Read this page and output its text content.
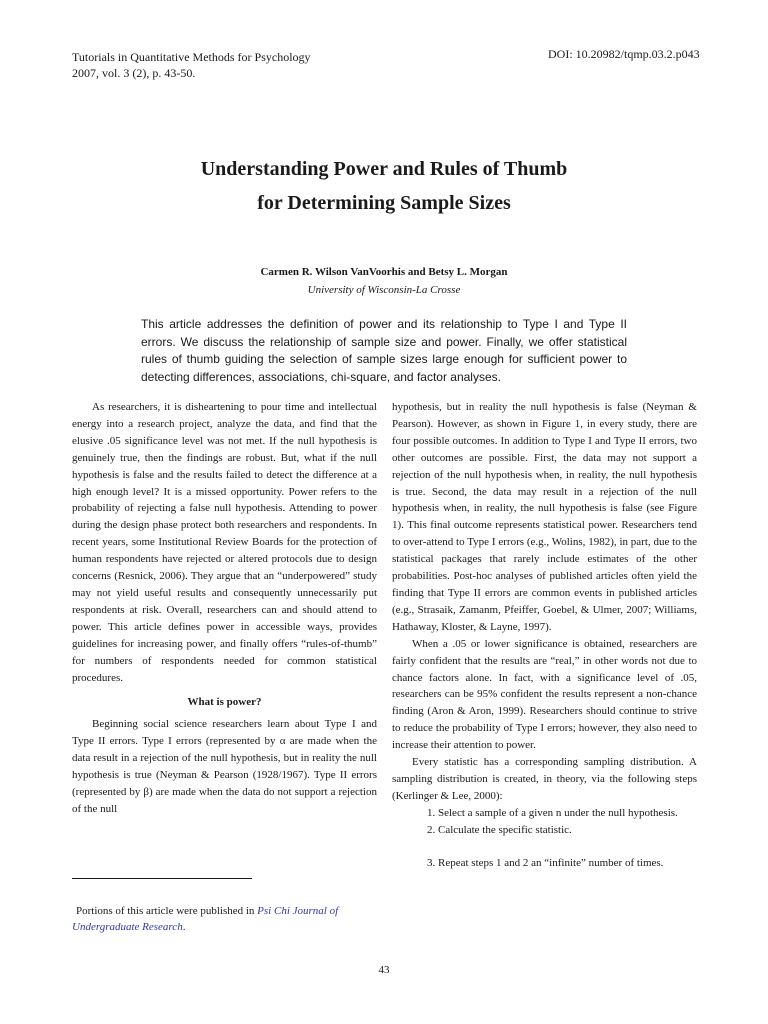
Tutorials in Quantitative Methods for Psychology
2007, vol. 3 (2), p. 43-50.
DOI: 10.20982/tqmp.03.2.p043
Understanding Power and Rules of Thumb
for Determining Sample Sizes
Carmen R. Wilson VanVoorhis and Betsy L. Morgan
University of Wisconsin-La Crosse
This article addresses the definition of power and its relationship to Type I and Type II errors. We discuss the relationship of sample size and power. Finally, we offer statistical rules of thumb guiding the selection of sample sizes large enough for sufficient power to detecting differences, associations, chi-square, and factor analyses.

As researchers, it is disheartening to pour time and intellectual energy into a research project, analyze the data, and find that the elusive .05 significance level was not met. If the null hypothesis is genuinely true, then the findings are robust. But, what if the null hypothesis is false and the results failed to detect the difference at a high enough level? It is a missed opportunity. Power refers to the probability of rejecting a false null hypothesis. Attending to power during the design phase protect both researchers and respondents. In recent years, some Institutional Review Boards for the protection of human respondents have rejected or altered protocols due to design concerns (Resnick, 2006). They argue that an “underpowered” study may not yield useful results and consequently unnecessarily put respondents at risk. Overall, researchers can and should attend to power. This article defines power in accessible ways, provides guidelines for increasing power, and finally offers “rules-of-thumb” for numbers of respondents needed for common statistical procedures.

What is power?

Beginning social science researchers learn about Type I and Type II errors. Type I errors (represented by α are made when the data result in a rejection of the null hypothesis, but in reality the null hypothesis is true (Neyman & Pearson (1928/1967). Type II errors (represented by β) are made when the data do not support a rejection of the null

hypothesis, but in reality the null hypothesis is false (Neyman & Pearson). However, as shown in Figure 1, in every study, there are four possible outcomes. In addition to Type I and Type II errors, two other outcomes are possible. First, the data may not support a rejection of the null hypothesis when, in reality, the null hypothesis is true. Second, the data may result in a rejection of the null hypothesis when, in reality, the null hypothesis is false (see Figure 1). This final outcome represents statistical power. Researchers tend to over-attend to Type I errors (e.g., Wolins, 1982), in part, due to the statistical packages that rarely include estimates of the other probabilities. Post-hoc analyses of published articles often yield the finding that Type II errors are common events in published articles (e.g., Strasaik, Zamanm, Pfeiffer, Goebel, & Ulmer, 2007; Williams, Hathaway, Kloster, & Layne, 1997).

When a .05 or lower significance is obtained, researchers are fairly confident that the results are “real,” in other words not due to chance factors alone. In fact, with a significance level of .05, researchers can be 95% confident the results represent a non-chance finding (Aron & Aron, 1999). Researchers should continue to strive to reduce the probability of Type I errors; however, they also need to increase their attention to power.

Every statistic has a corresponding sampling distribution. A sampling distribution is created, in theory, via the following steps (Kerlinger & Lee, 2000):

1. Select a sample of a given n under the null hypothesis.
2. Calculate the specific statistic.
3. Repeat steps 1 and 2 an “infinite” number of times.

Portions of this article were published in Psi Chi Journal of Undergraduate Research.

43
